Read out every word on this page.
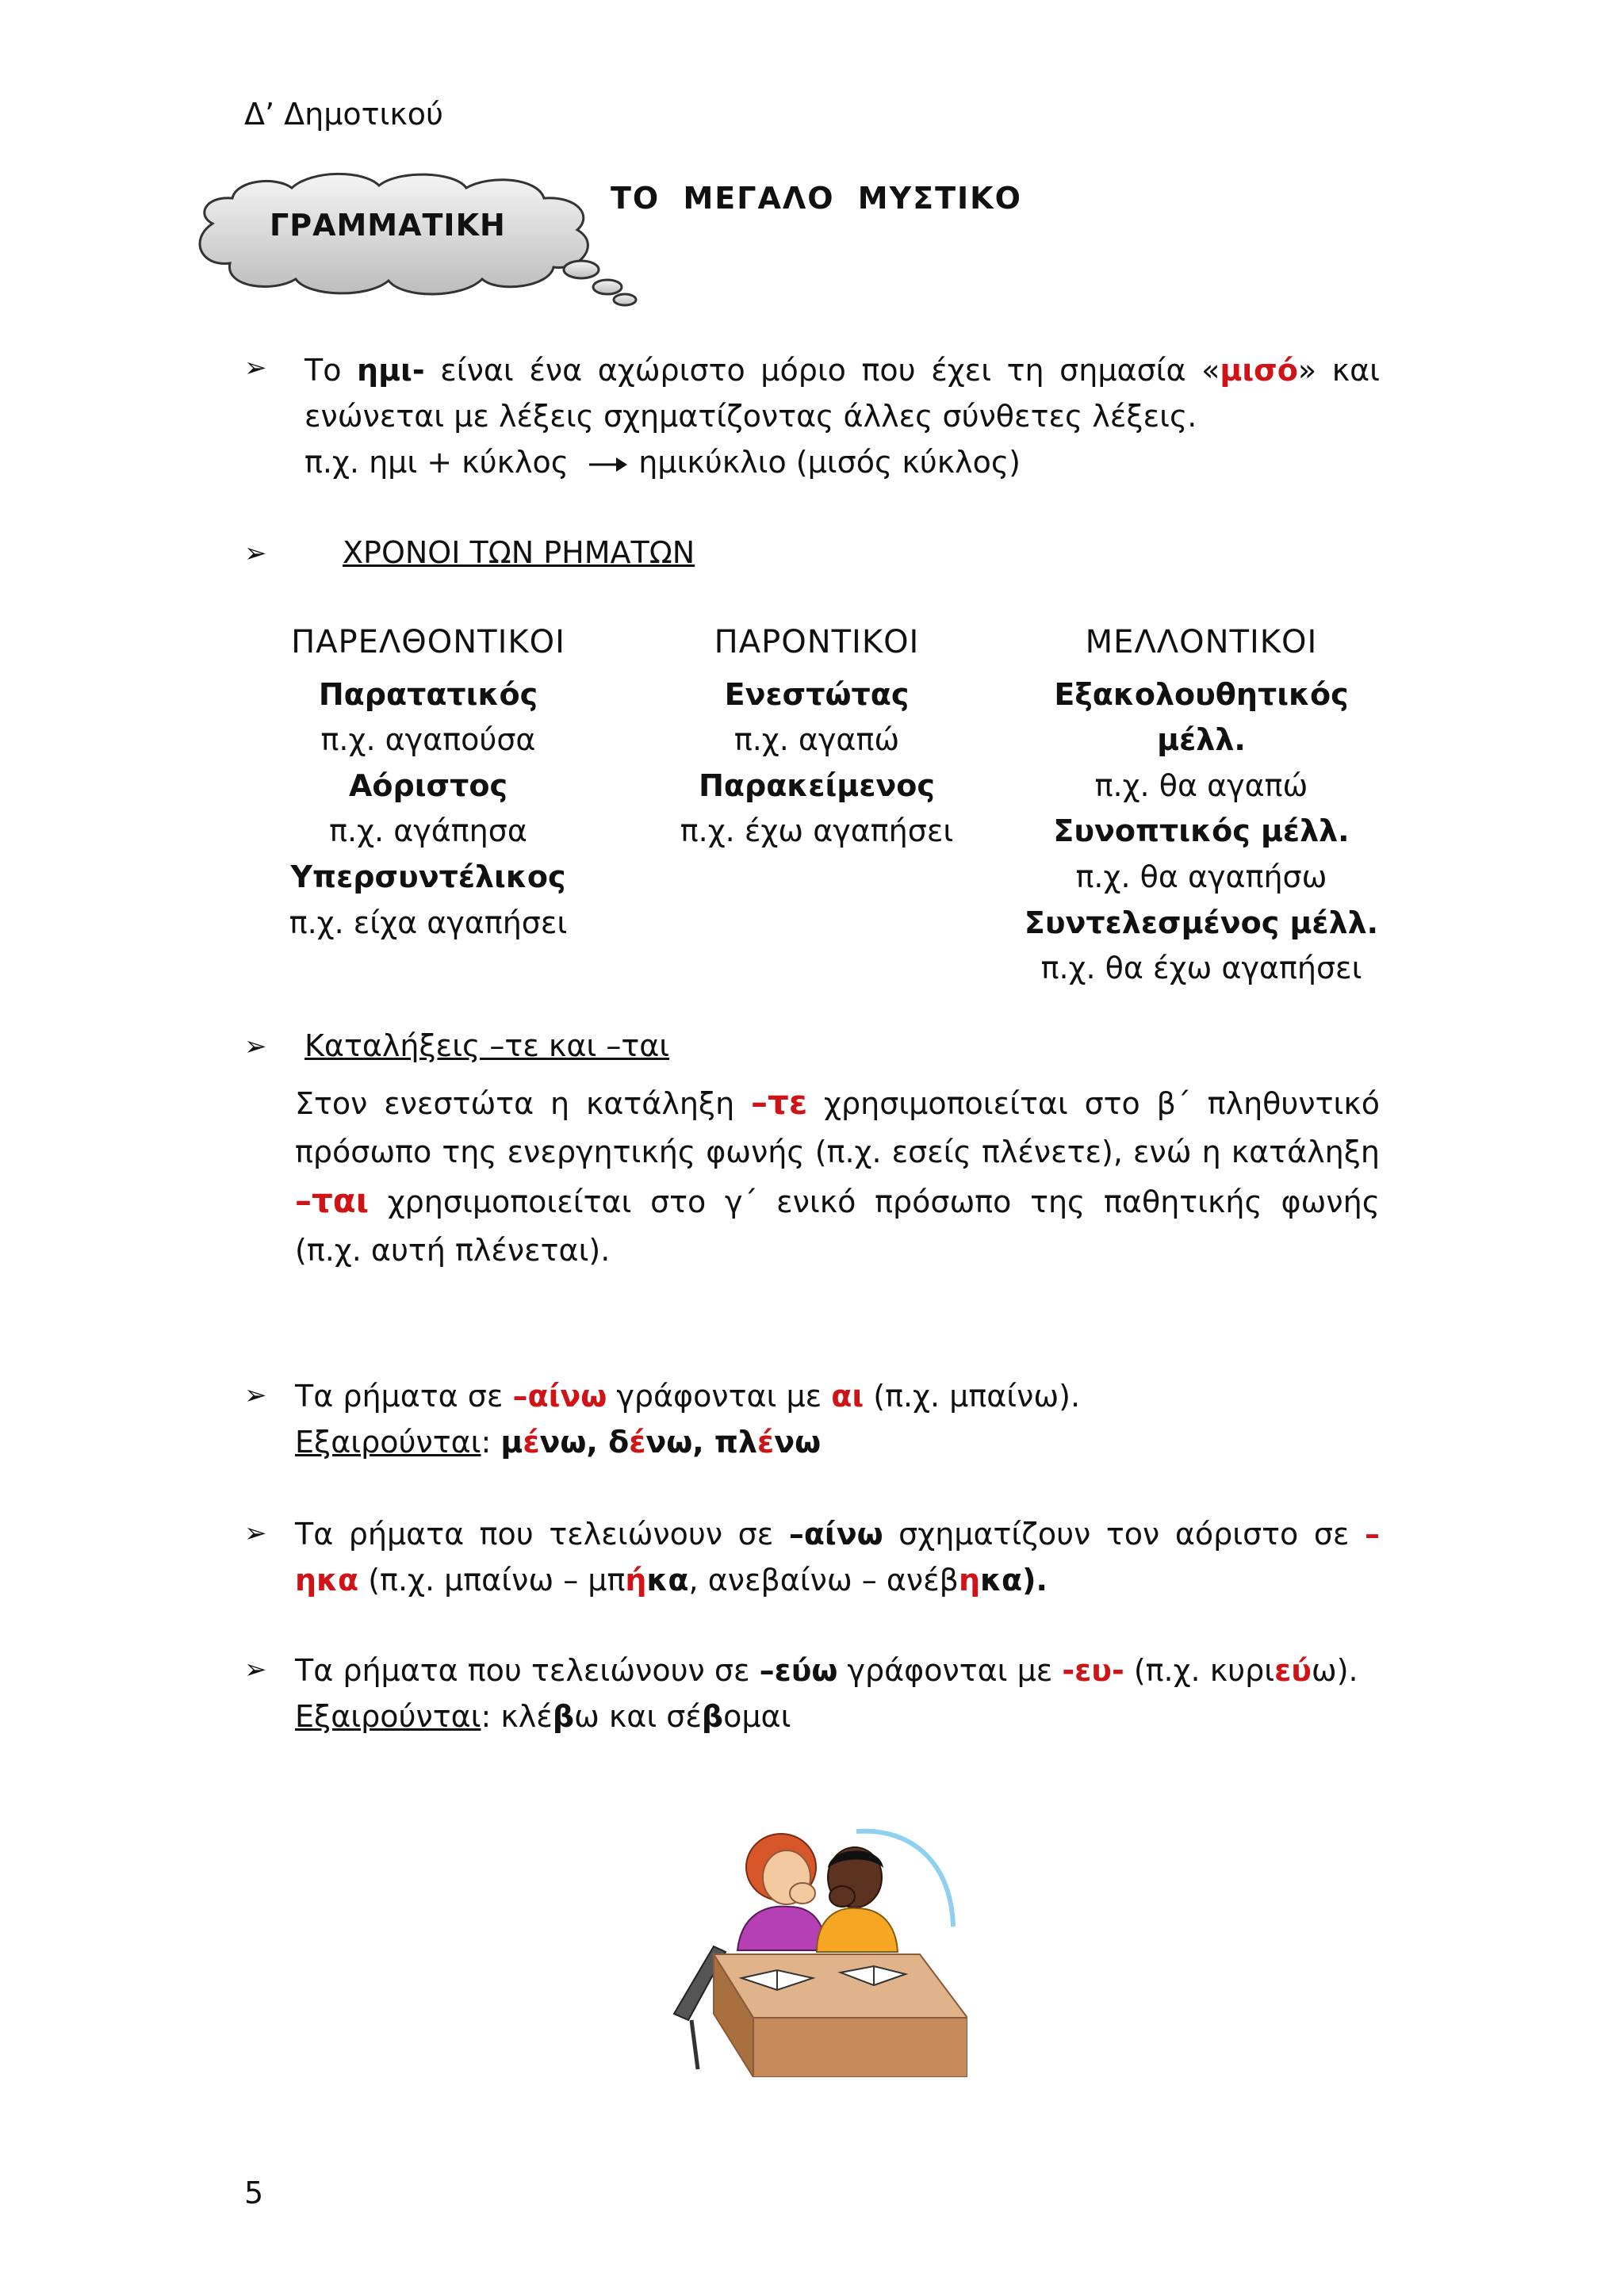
Δ’ Δημοτικού
ΓΡΑΜΜΑΤΙΚΗ
ΤΟ ΜΕΓΑΛΟ ΜΥΣΤΙΚΟ
➢ Το ημι- είναι ένα αχώριστο μόριο που έχει τη σημασία «μισό» και ενώνεται με λέξεις σχηματίζοντας άλλες σύνθετες λέξεις.
π.χ. ημι + κύκλος ημικύκλιο (μισός κύκλος)
➢	ΧΡΟΝΟΙ ΤΩΝ ΡΗΜΑΤΩΝ
ΠΑΡΕΛΘΟΝΤΙΚΟΙ
Παρατατικός
π.χ. αγαπούσα
Αόριστος
π.χ. αγάπησα
Υπερσυντέλικος
π.χ. είχα αγαπήσει
ΠΑΡΟΝΤΙΚΟΙ
Ενεστώτας
π.χ. αγαπώ
Παρακείμενος
π.χ. έχω αγαπήσει
ΜΕΛΛΟΝΤΙΚΟΙ
Εξακολουθητικός μέλλ.
π.χ. θα αγαπώ
Συνοπτικός μέλλ.
π.χ. θα αγαπήσω
Συντελεσμένος μέλλ.
π.χ. θα έχω αγαπήσει
➢ Καταλήξεις –τε και –ται
Στον ενεστώτα η κατάληξη –τε χρησιμοποιείται στο β΄ πληθυντικό πρόσωπο της ενεργητικής φωνής (π.χ. εσείς πλένετε), ενώ η κατάληξη –ται χρησιμοποιείται στο γ΄ ενικό πρόσωπο της παθητικής φωνής (π.χ. αυτή πλένεται).
➢ Τα ρήματα σε –αίνω γράφονται με αι (π.χ. μπαίνω).
Εξαιρούνται: μένω, δένω, πλένω
➢ Τα ρήματα που τελειώνουν σε –αίνω σχηματίζουν τον αόριστο σε –ηκα (π.χ. μπαίνω – μπήκα, ανεβαίνω – ανέβηκα).
➢ Τα ρήματα που τελειώνουν σε –εύω γράφονται με -ευ- (π.χ. κυριεύω).
Εξαιρούνται: κλέβω και σέβομαι
5
